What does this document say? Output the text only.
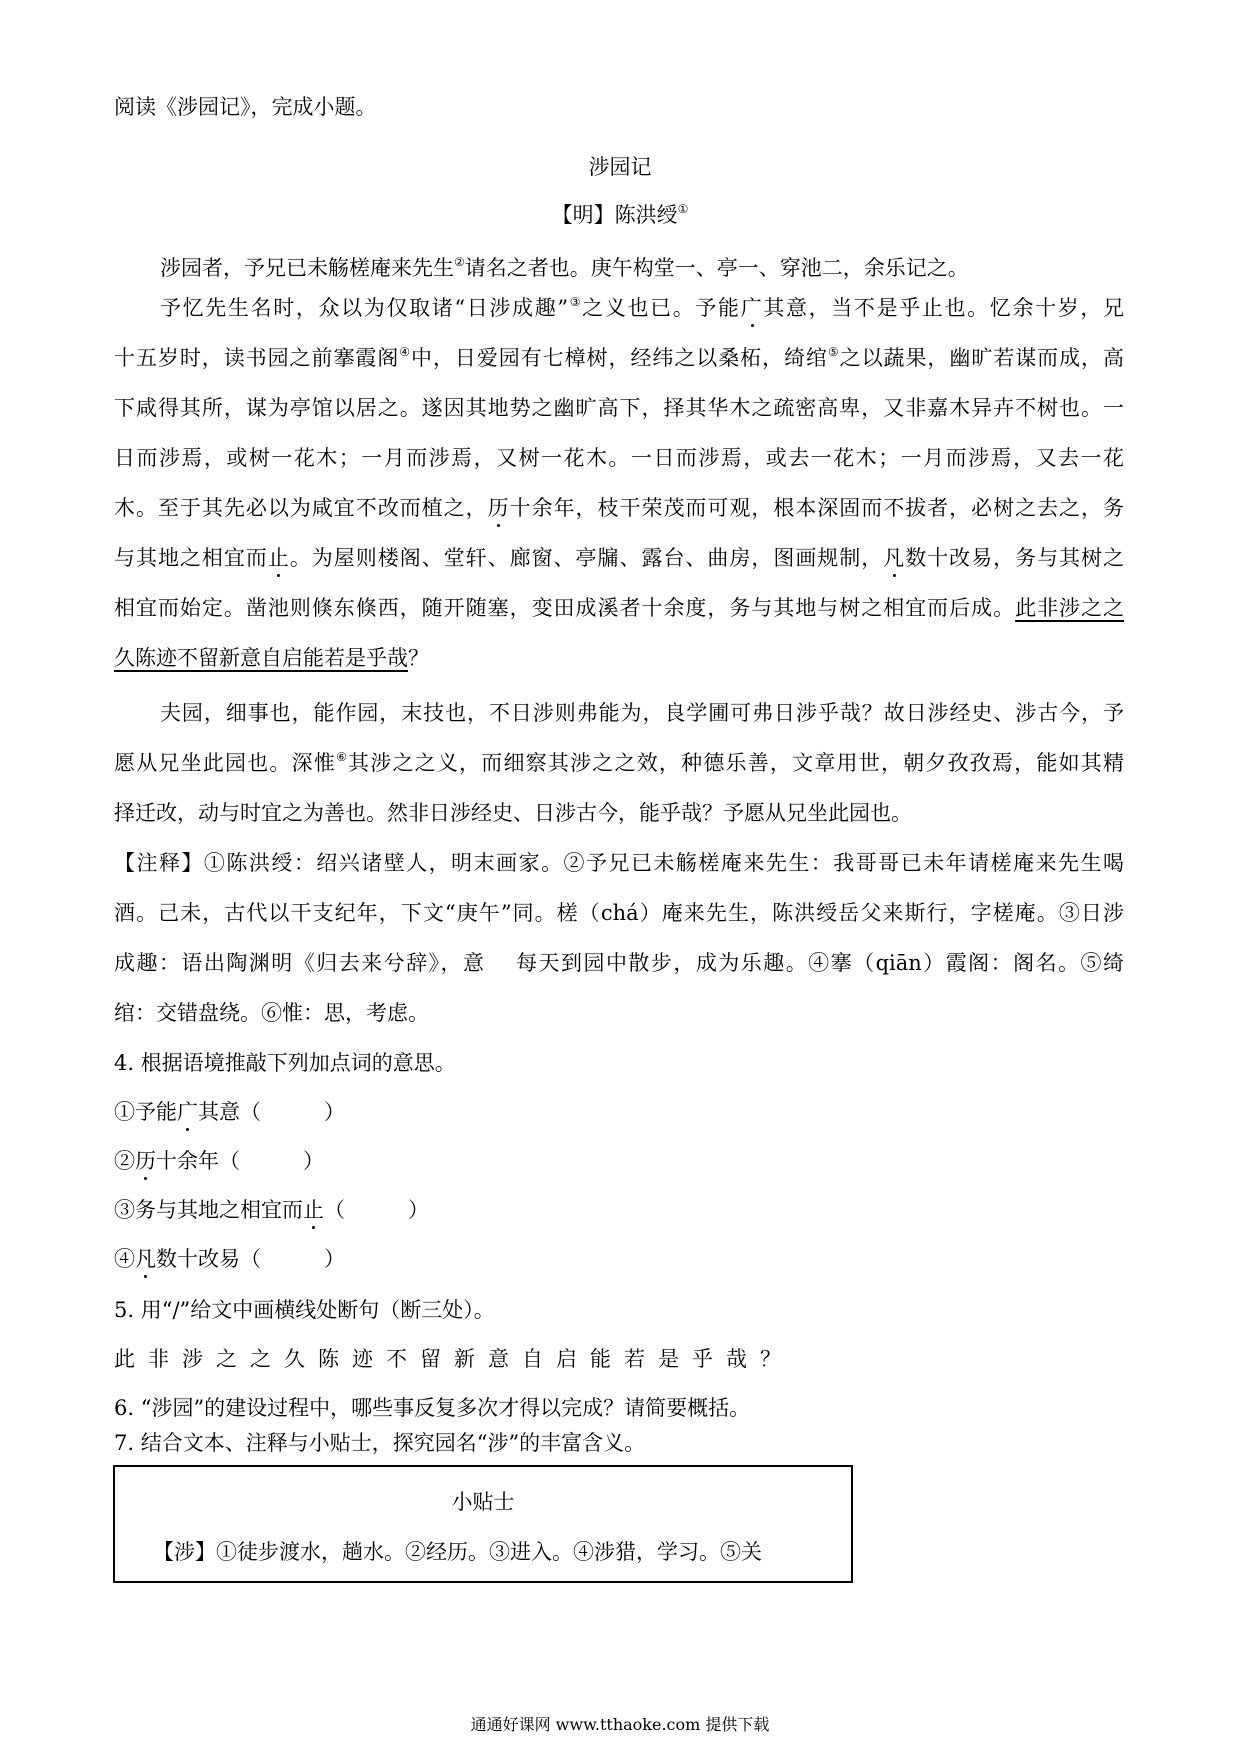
阅读《涉园记》，完成小题。
涉园记
【明】陈洪绶①
涉园者，予兄已未觞槎庵来先生②请名之者也。庚午构堂一、亭一、穿池二，余乐记之。
予忆先生名时，众以为仅取诸“日涉成趣”③之义也已。予能广其意，当不是乎止也。忆余十岁，兄
十五岁时，读书园之前搴霞阁④中，日爱园有七樟树，经纬之以桑柘，绮绾⑤之以蔬果，幽旷若谋而成，高
下咸得其所，谋为亭馆以居之。遂因其地势之幽旷高下，择其华木之疏密高卑，又非嘉木异卉不树也。一
日而涉焉，或树一花木；一月而涉焉，又树一花木。一日而涉焉，或去一花木；一月而涉焉，又去一花
木。至于其先必以为咸宜不改而植之，历十余年，枝干荣茂而可观，根本深固而不拔者，必树之去之，务
与其地之相宜而止。为屋则楼阁、堂轩、廊窗、亭牖、露台、曲房，图画规制，凡数十改易，务与其树之
相宜而始定。凿池则倏东倏西，随开随塞，变田成溪者十余度，务与其地与树之相宜而后成。此非涉之之
久陈迹不留新意自启能若是乎哉？
夫园，细事也，能作园，末技也，不日涉则弗能为，良学圃可弗日涉乎哉？故日涉经史、涉古今，予
愿从兄坐此园也。深惟⑥其涉之之义，而细察其涉之之效，种德乐善，文章用世，朝夕孜孜焉，能如其精
择迁改，动与时宜之为善也。然非日涉经史、日涉古今，能乎哉？予愿从兄坐此园也。
【注释】①陈洪绶：绍兴诸壁人，明末画家。②予兄已未觞槎庵来先生：我哥哥已未年请槎庵来先生喝
酒。己未，古代以干支纪年，下文“庚午”同。槎（chá）庵来先生，陈洪绶岳父来斯行，字槎庵。③日涉
成趣：语出陶渊明《归去来兮辞》，意　 每天到园中散步，成为乐趣。④搴（qiān）霞阁：阁名。⑤绮
绾：交错盘绕。⑥惟：思，考虑。
4. 根据语境推敲下列加点词的意思。
①予能广其意（　　　）
②历十余年（　　　）
③务与其地之相宜而止（　　　）
④凡数十改易（　　　）
5. 用“/”给文中画横线处断句（断三处）。
此非涉之之久陈迹不留新意自启能若是乎哉？
6. “涉园”的建设过程中，哪些事反复多次才得以完成？请简要概括。
7. 结合文本、注释与小贴士，探究园名“涉”的丰富含义。
小贴士
【涉】①徒步渡水，趟水。②经历。③进入。④涉猎，学习。⑤关
通通好课网 www.tthaoke.com 提供下载
